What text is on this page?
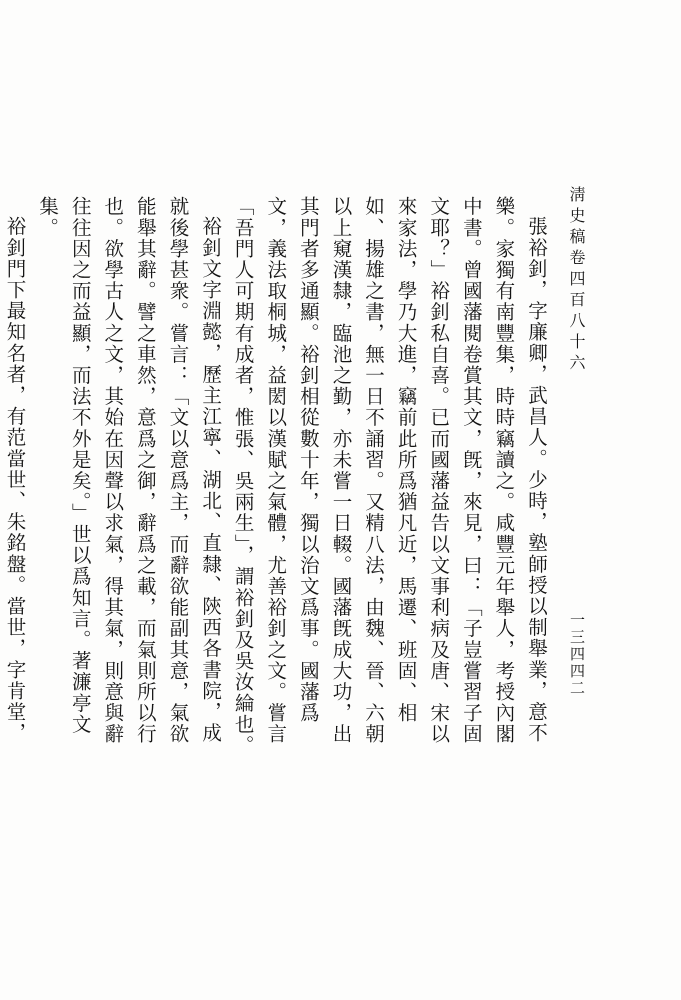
淸史稿卷四百八十六
一三四四二

張裕釗，字廉卿，武昌人。少時，塾師授以制舉業，意不樂。家獨有南豐集，時時竊讀之。咸豐元年舉人，考授內閣中書。曾國藩閱卷賞其文，旣，來見，曰：「子豈嘗習子固文耶？」裕釗私自喜。已而國藩益告以文事利病及唐、宋以來家法，學乃大進，竊前此所爲猶凡近，馬遷、班固、相如、揚雄之書，無一日不誦習。又精八法，由魏、晉、六朝以上窺漢隸，臨池之勤，亦未嘗一日輟。國藩旣成大功，出其門者多通顯。裕釗相從數十年，獨以治文爲事。國藩爲文，義法取桐城，益閎以漢賦之氣體，尤善裕釗之文。嘗言「吾門人可期有成者，惟張、吳兩生」，謂裕釗及吳汝綸也。

裕釗文字淵懿，歷主江寧、湖北、直隸、陝西各書院，成就後學甚衆。嘗言：「文以意爲主，而辭欲能副其意，氣欲能舉其辭。譬之車然，意爲之御，辭爲之載，而氣則所以行也。欲學古人之文，其始在因聲以求氣，得其氣，則意與辭往往因之而益顯，而法不外是矣。」世以爲知言。著濂亭文集。

裕釗門下最知名者，有范當世、朱銘盤。當世，字肯堂，
